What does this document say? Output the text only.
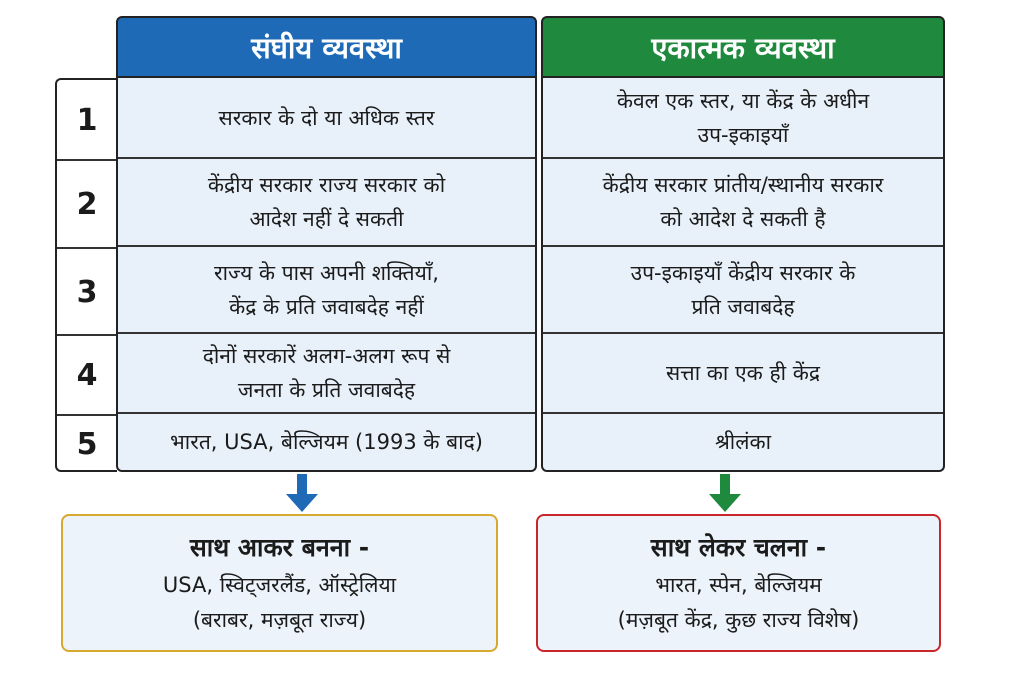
संघीय व्यवस्था	एकात्मक व्यवस्था
1
2
3
4
5
सरकार के दो या अधिक स्तर
केंद्रीय सरकार राज्य सरकार को
आदेश नहीं दे सकती
राज्य के पास अपनी शक्तियाँ,
केंद्र के प्रति जवाबदेह नहीं
दोनों सरकारें अलग-अलग रूप से
जनता के प्रति जवाबदेह
भारत, USA, बेल्जियम (1993 के बाद)
केवल एक स्तर, या केंद्र के अधीन
उप-इकाइयाँ
केंद्रीय सरकार प्रांतीय/स्थानीय सरकार
को आदेश दे सकती है
उप-इकाइयाँ केंद्रीय सरकार के
प्रति जवाबदेह
सत्ता का एक ही केंद्र
श्रीलंका
साथ आकर बनना -
USA, स्विट्जरलैंड, ऑस्ट्रेलिया
(बराबर, मज़बूत राज्य)
साथ लेकर चलना -
भारत, स्पेन, बेल्जियम
(मज़बूत केंद्र, कुछ राज्य विशेष)
